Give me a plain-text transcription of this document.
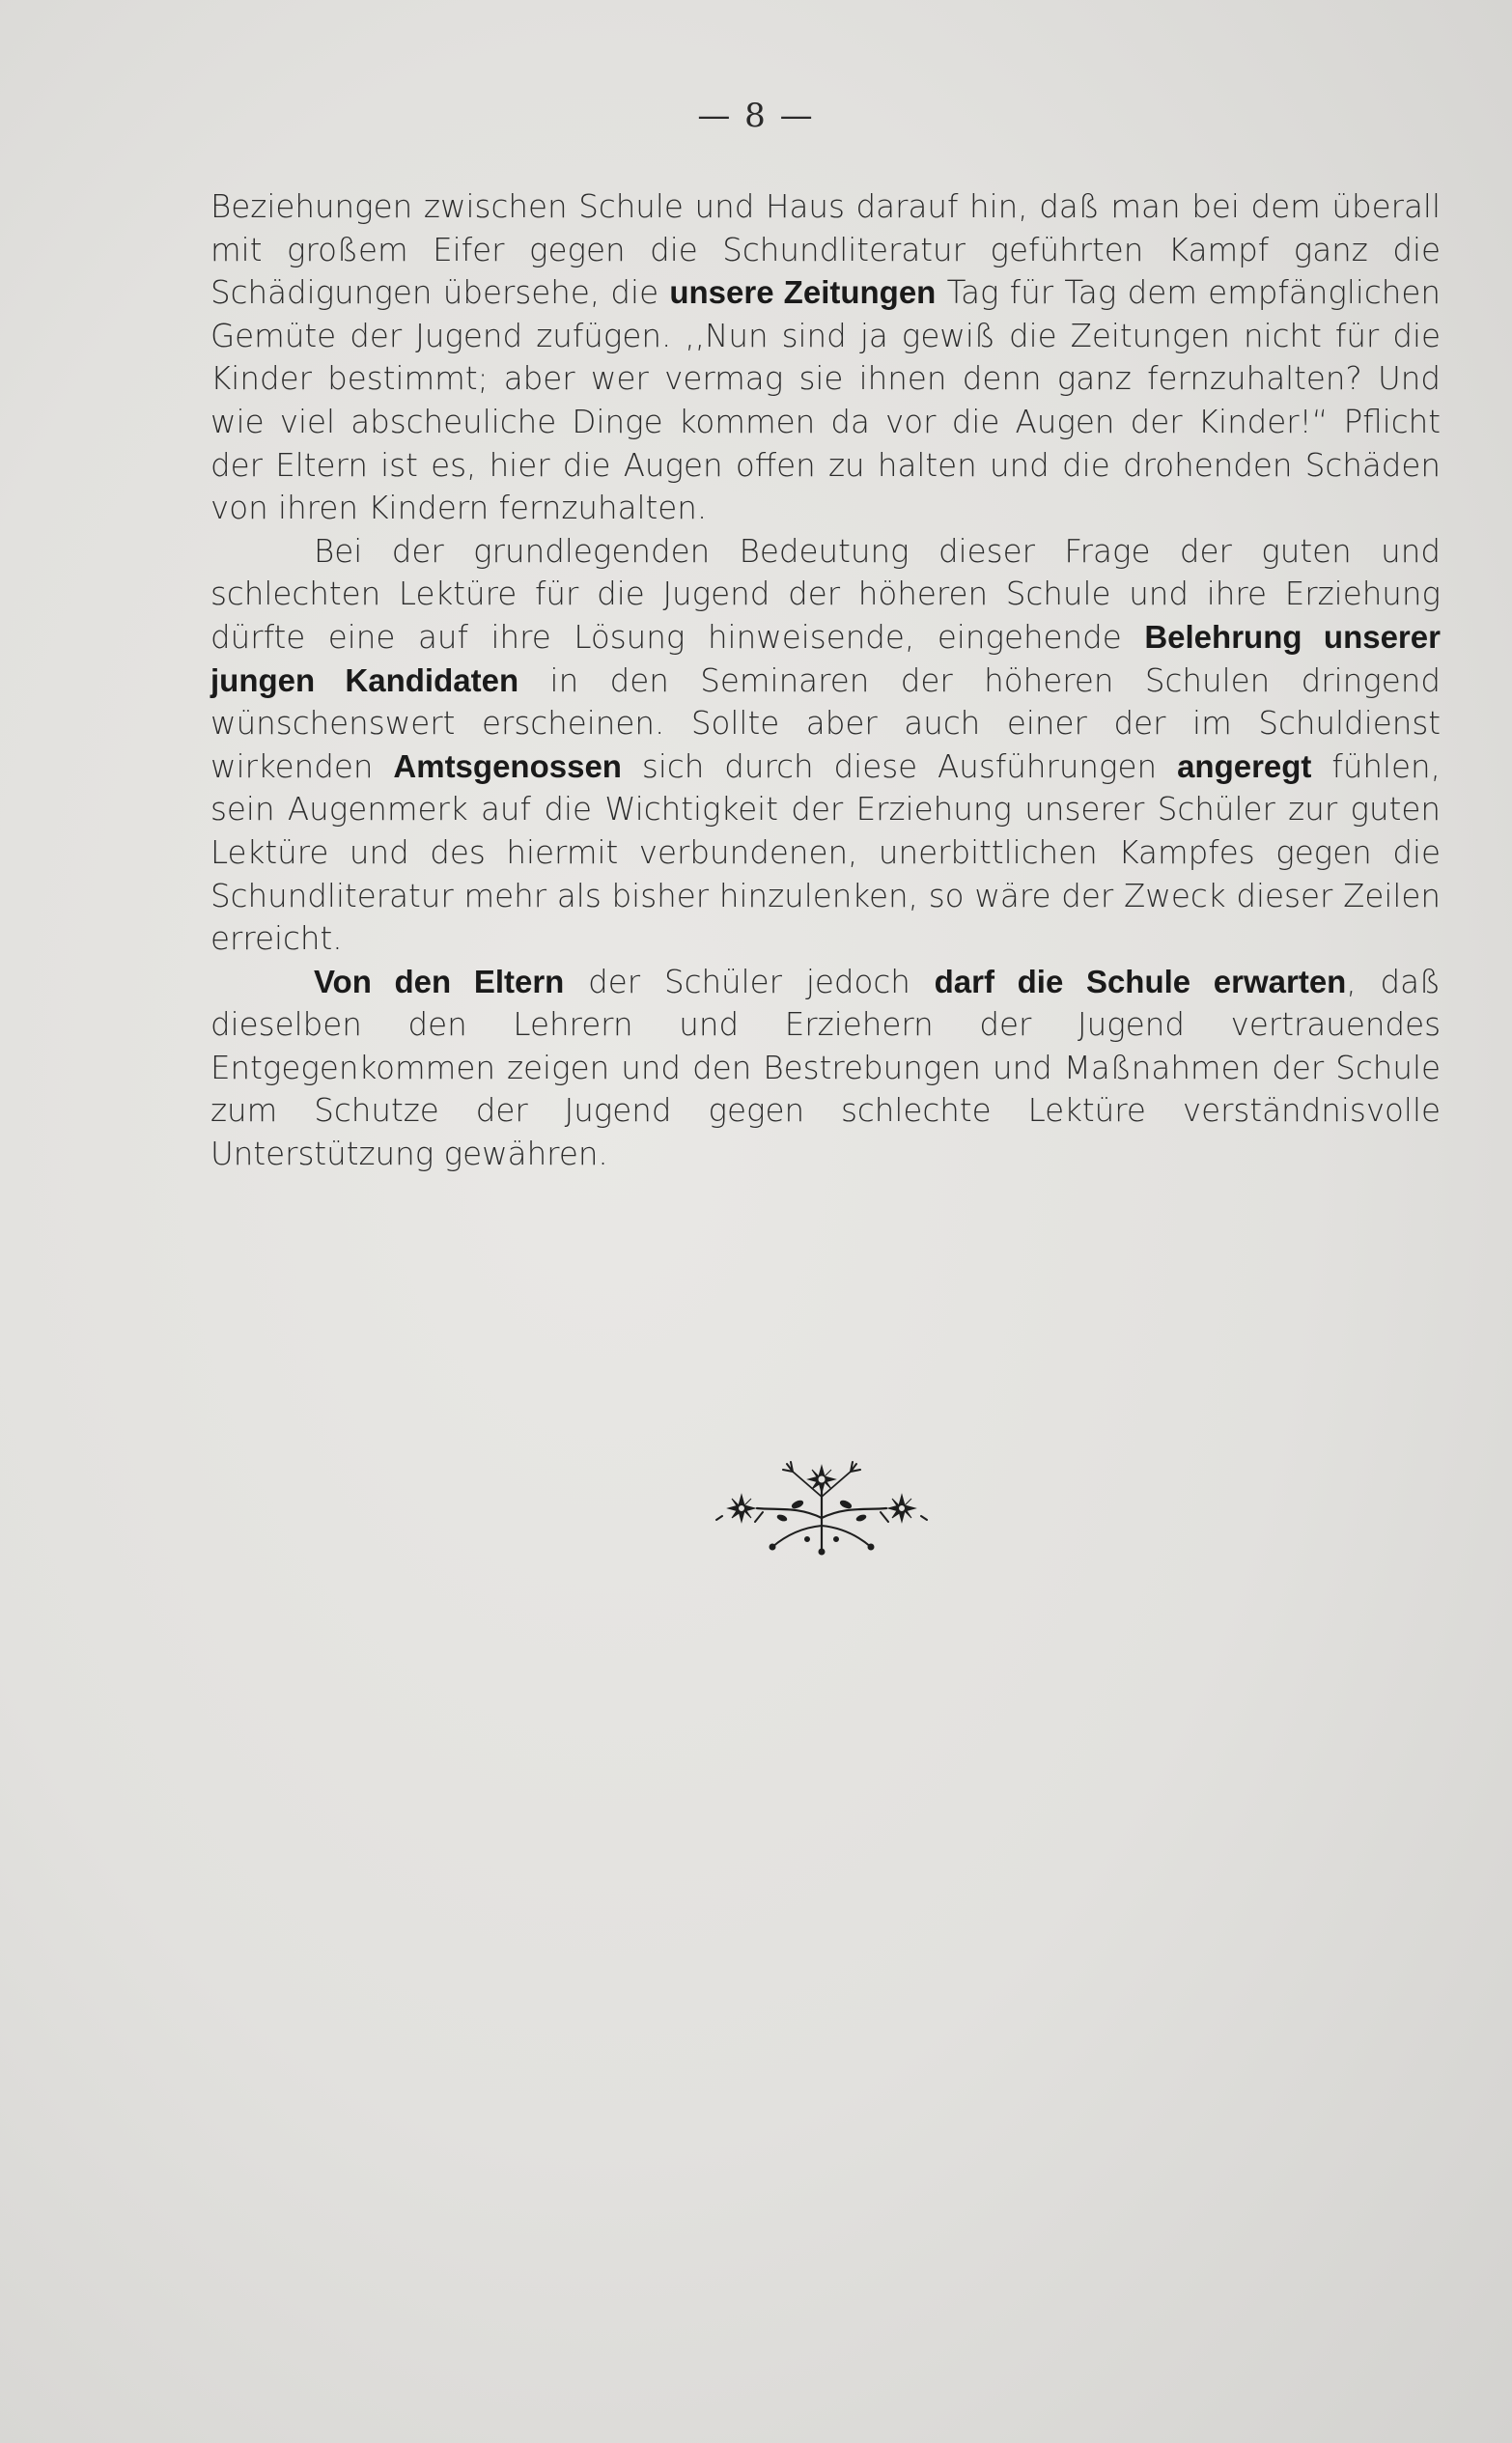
— 8 —

Beziehungen zwischen Schule und Haus darauf hin, daß man bei dem überall mit großem Eifer gegen die Schundliteratur geführten Kampf ganz die Schädigungen übersehe, die unsere Zeitungen Tag für Tag dem empfänglichen Gemüte der Jugend zufügen. ,,Nun sind ja gewiß die Zeitungen nicht für die Kinder bestimmt; aber wer vermag sie ihnen denn ganz fernzuhalten? Und wie viel abscheuliche Dinge kommen da vor die Augen der Kinder!“ Pflicht der Eltern ist es, hier die Augen offen zu halten und die drohenden Schäden von ihren Kindern fernzuhalten.

Bei der grundlegenden Bedeutung dieser Frage der guten und schlechten Lektüre für die Jugend der höheren Schule und ihre Erziehung dürfte eine auf ihre Lösung hinweisende, eingehende Belehrung unserer jungen Kandidaten in den Seminaren der höheren Schulen dringend wünschenswert erscheinen. Sollte aber auch einer der im Schuldienst wirkenden Amtsgenossen sich durch diese Ausführungen angeregt fühlen, sein Augenmerk auf die Wichtigkeit der Erziehung unserer Schüler zur guten Lektüre und des hiermit verbundenen, unerbittlichen Kampfes gegen die Schundliteratur mehr als bisher hinzulenken, so wäre der Zweck dieser Zeilen erreicht.

Von den Eltern der Schüler jedoch darf die Schule erwarten, daß dieselben den Lehrern und Erziehern der Jugend vertrauendes Entgegenkommen zeigen und den Bestrebungen und Maßnahmen der Schule zum Schutze der Jugend gegen schlechte Lektüre verständnisvolle Unterstützung gewähren.
